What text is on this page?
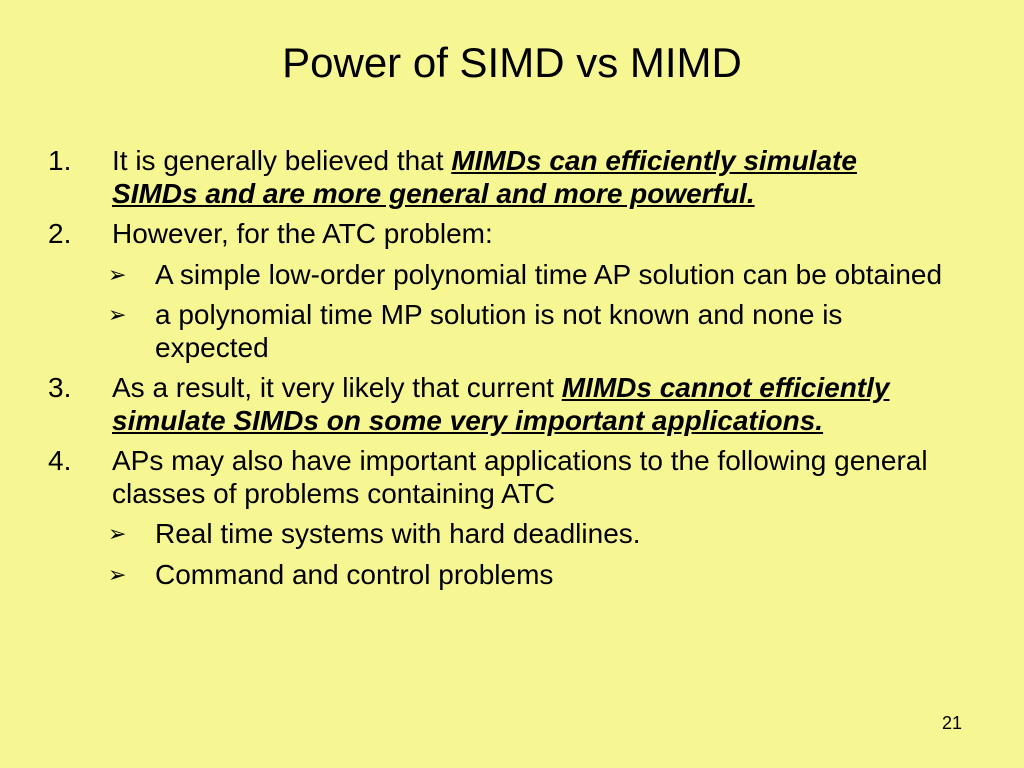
Power of SIMD vs MIMD
1. It is generally believed that MIMDs can efficiently simulate SIMDs and are more general and more powerful.
2. However, for the ATC problem:
➢	A simple low-order polynomial time AP solution can be obtained
➢	a polynomial time MP solution is not known and none is expected
3. As a result, it very likely that current MIMDs cannot efficiently simulate SIMDs on some very important applications.
4. APs may also have important applications to the following general classes of problems containing ATC
➢	Real time systems with hard deadlines.
➢	Command and control problems
21
